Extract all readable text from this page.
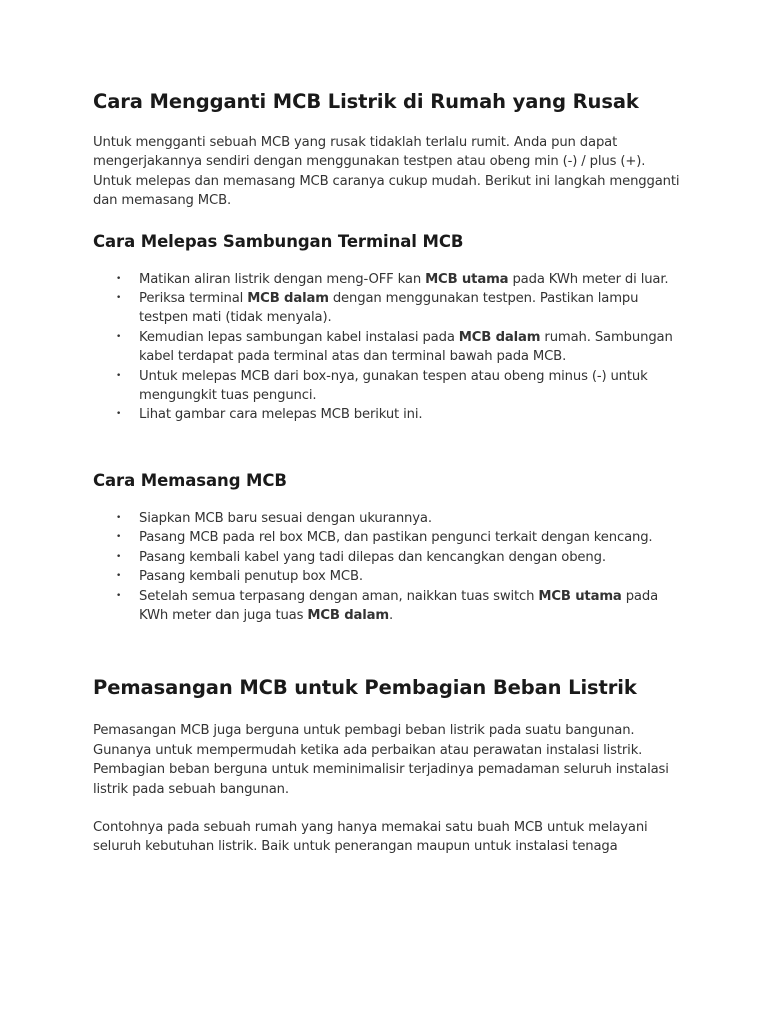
Cara Mengganti MCB Listrik di Rumah yang Rusak

Untuk mengganti sebuah MCB yang rusak tidaklah terlalu rumit. Anda pun dapat mengerjakannya sendiri dengan menggunakan testpen atau obeng min (-) / plus (+). Untuk melepas dan memasang MCB caranya cukup mudah. Berikut ini langkah mengganti dan memasang MCB.

Cara Melepas Sambungan Terminal MCB
• Matikan aliran listrik dengan meng-OFF kan MCB utama pada KWh meter di luar.
• Periksa terminal MCB dalam dengan menggunakan testpen. Pastikan lampu testpen mati (tidak menyala).
• Kemudian lepas sambungan kabel instalasi pada MCB dalam rumah. Sambungan kabel terdapat pada terminal atas dan terminal bawah pada MCB.
• Untuk melepas MCB dari box-nya, gunakan tespen atau obeng minus (-) untuk mengungkit tuas pengunci.
• Lihat gambar cara melepas MCB berikut ini.
Cara Memasang MCB
• Siapkan MCB baru sesuai dengan ukurannya.
• Pasang MCB pada rel box MCB, dan pastikan pengunci terkait dengan kencang.
• Pasang kembali kabel yang tadi dilepas dan kencangkan dengan obeng.
• Pasang kembali penutup box MCB.
• Setelah semua terpasang dengan aman, naikkan tuas switch MCB utama pada KWh meter dan juga tuas MCB dalam.
Pemasangan MCB untuk Pembagian Beban Listrik

Pemasangan MCB juga berguna untuk pembagi beban listrik pada suatu bangunan. Gunanya untuk mempermudah ketika ada perbaikan atau perawatan instalasi listrik. Pembagian beban berguna untuk meminimalisir terjadinya pemadaman seluruh instalasi listrik pada sebuah bangunan.

Contohnya pada sebuah rumah yang hanya memakai satu buah MCB untuk melayani seluruh kebutuhan listrik. Baik untuk penerangan maupun untuk instalasi tenaga
